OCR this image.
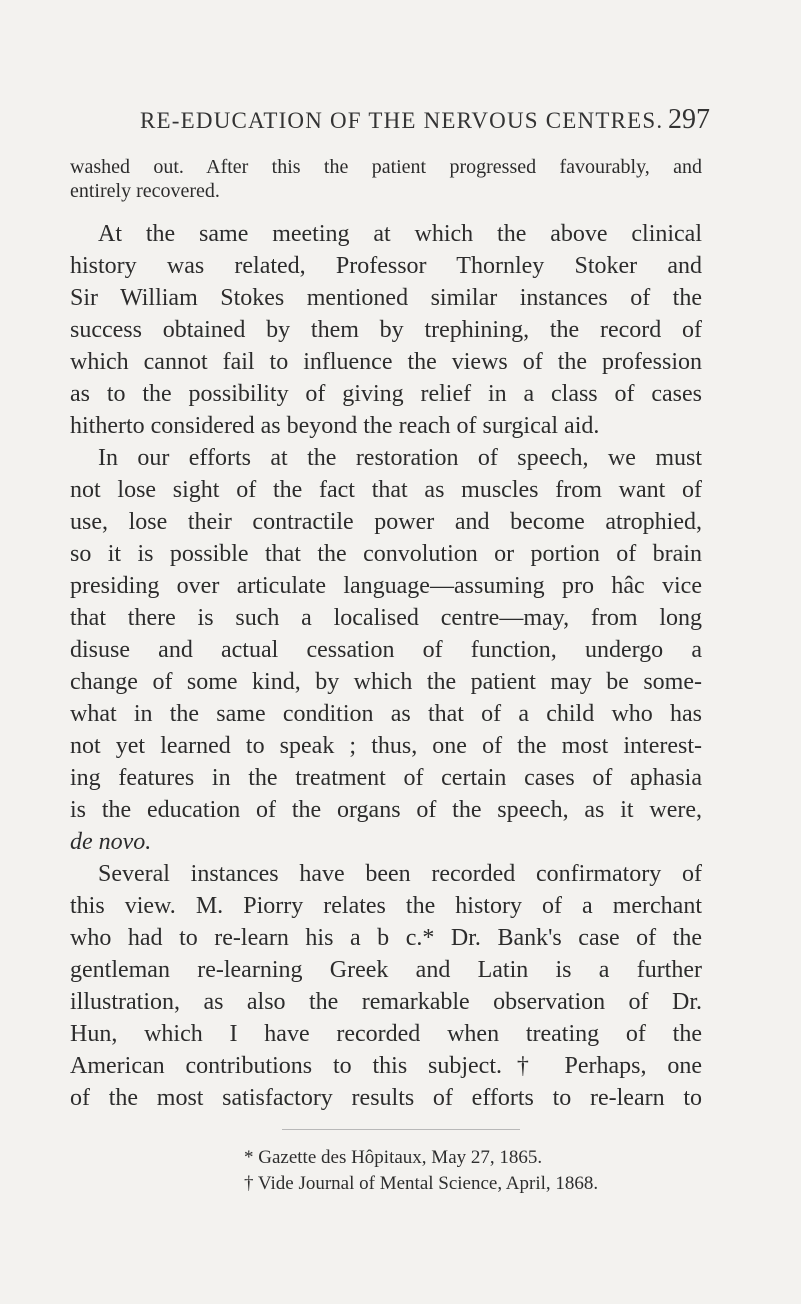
RE-EDUCATION OF THE NERVOUS CENTRES. 297
washed out. After this the patient progressed favourably, and
entirely recovered.
At the same meeting at which the above clinical
history was related, Professor Thornley Stoker and
Sir William Stokes mentioned similar instances of the
success obtained by them by trephining, the record of
which cannot fail to influence the views of the profession
as to the possibility of giving relief in a class of cases
hitherto considered as beyond the reach of surgical aid.
In our efforts at the restoration of speech, we must
not lose sight of the fact that as muscles from want of
use, lose their contractile power and become atrophied,
so it is possible that the convolution or portion of brain
presiding over articulate language—assuming pro hâc vice
that there is such a localised centre—may, from long
disuse and actual cessation of function, undergo a
change of some kind, by which the patient may be some-
what in the same condition as that of a child who has
not yet learned to speak ; thus, one of the most interest-
ing features in the treatment of certain cases of aphasia
is the education of the organs of the speech, as it were,
de novo.
Several instances have been recorded confirmatory of
this view. M. Piorry relates the history of a merchant
who had to re-learn his a b c.* Dr. Bank's case of the
gentleman re-learning Greek and Latin is a further
illustration, as also the remarkable observation of Dr.
Hun, which I have recorded when treating of the
American contributions to this subject.† Perhaps, one
of the most satisfactory results of efforts to re-learn to
* Gazette des Hôpitaux, May 27, 1865.
† Vide Journal of Mental Science, April, 1868.
